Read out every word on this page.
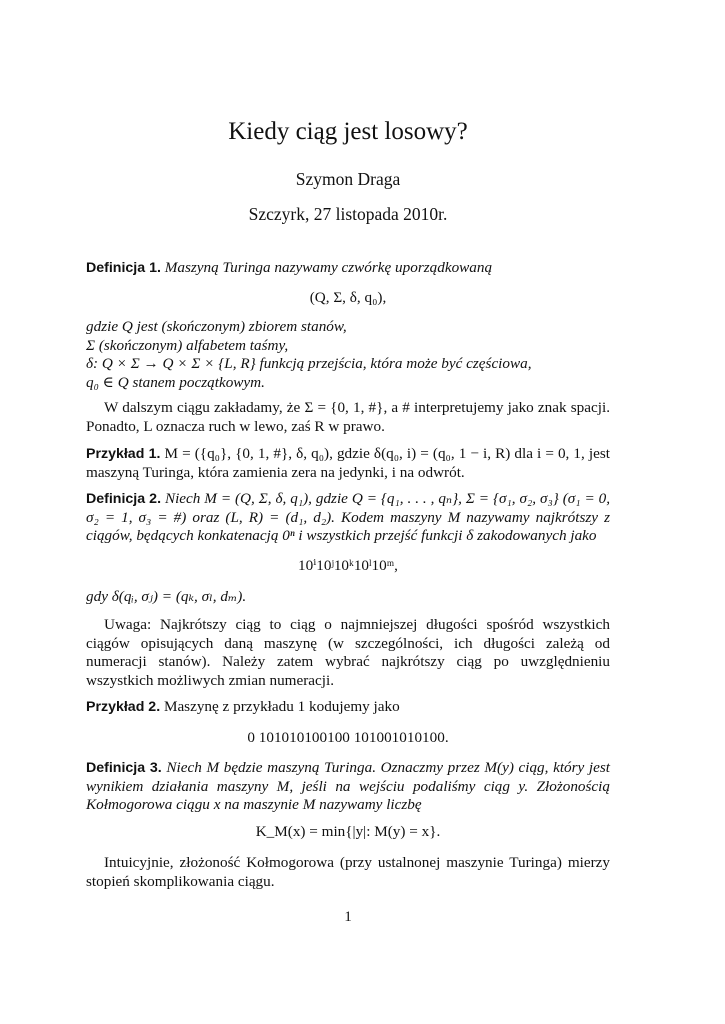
Kiedy ciąg jest losowy?
Szymon Draga
Szczyrk, 27 listopada 2010r.
Definicja 1. Maszyną Turinga nazywamy czwórkę uporządkowaną
(Q, Σ, δ, q₀),
gdzie Q jest (skończonym) zbiorem stanów,
Σ (skończonym) alfabetem taśmy,
δ: Q × Σ → Q × Σ × {L, R} funkcją przejścia, która może być częściowa,
q₀ ∈ Q stanem początkowym.
W dalszym ciągu zakładamy, że Σ = {0, 1, #}, a # interpretujemy jako znak spacji. Ponadto, L oznacza ruch w lewo, zaś R w prawo.
Przykład 1. M = ({q₀}, {0, 1, #}, δ, q₀), gdzie δ(q₀, i) = (q₀, 1 − i, R) dla i = 0, 1, jest maszyną Turinga, która zamienia zera na jedynki, i na odwrót.
Definicja 2. Niech M = (Q, Σ, δ, q₁), gdzie Q = {q₁, . . . , qₙ}, Σ = {σ₁, σ₂, σ₃} (σ₁ = 0, σ₂ = 1, σ₃ = #) oraz (L, R) = (d₁, d₂). Kodem maszyny M nazywamy najkrótszy z ciągów, będących konkatenacją 0ⁿ i wszystkich przejść funkcji δ zakodowanych jako
10ⁱ10ʲ10ᵏ10ˡ10ᵐ,
gdy δ(qᵢ, σⱼ) = (qₖ, σₗ, dₘ).
Uwaga: Najkrótszy ciąg to ciąg o najmniejszej długości spośród wszystkich ciągów opisujących daną maszynę (w szczególności, ich długości zależą od numeracji stanów). Należy zatem wybrać najkrótszy ciąg po uwzględnieniu wszystkich możliwych zmian numeracji.
Przykład 2. Maszynę z przykładu 1 kodujemy jako
0 101010100100 101001010100.
Definicja 3. Niech M będzie maszyną Turinga. Oznaczmy przez M(y) ciąg, który jest wynikiem działania maszyny M, jeśli na wejściu podaliśmy ciąg y. Złożonością Kołmogorowa ciągu x na maszynie M nazywamy liczbę
K_M(x) = min{|y|: M(y) = x}.
Intuicyjnie, złożoność Kołmogorowa (przy ustalnonej maszynie Turinga) mierzy stopień skomplikowania ciągu.
1
